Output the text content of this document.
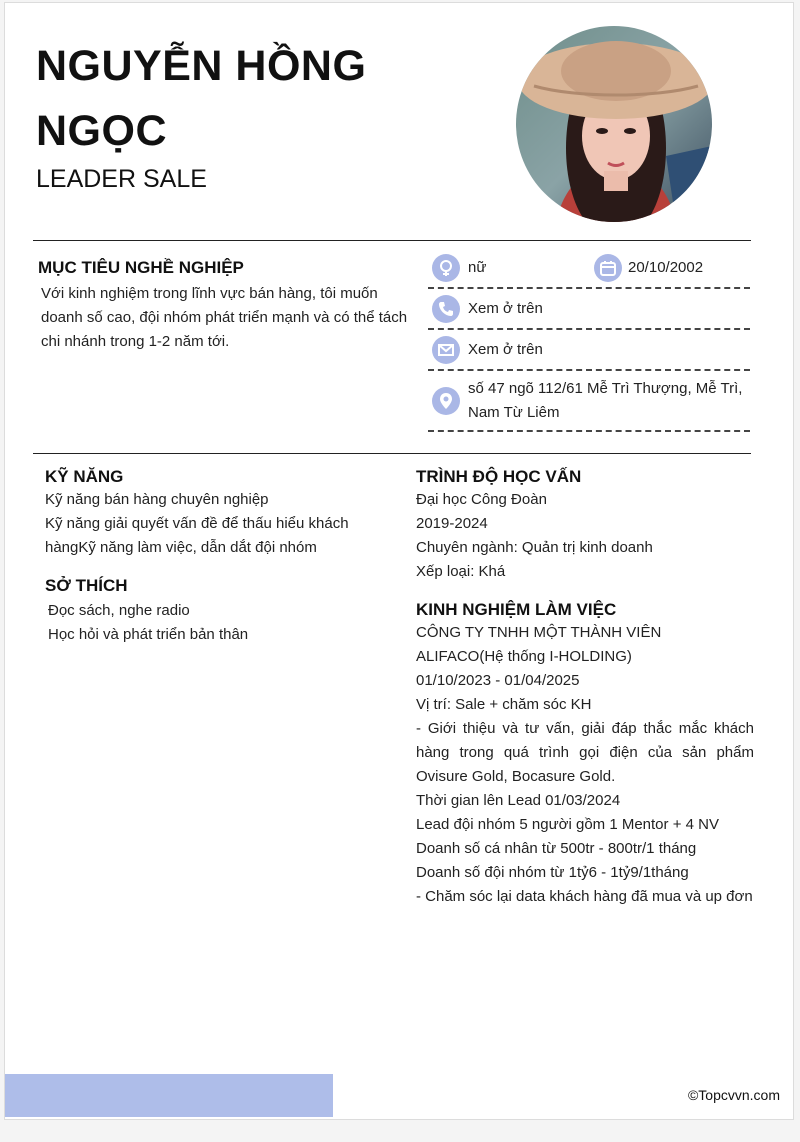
NGUYỄN HỒNG NGỌC
LEADER SALE
MỤC TIÊU NGHỀ NGHIỆP
Với kinh nghiệm trong lĩnh vực bán hàng, tôi muốn doanh số cao, đội nhóm phát triển mạnh và có thể tách chi nhánh trong 1-2 năm tới.
nữ	20/10/2002
Xem ở trên
Xem ở trên
số 47 ngõ 112/61 Mễ Trì Thượng, Mễ Trì, Nam Từ Liêm
KỸ NĂNG
Kỹ năng bán hàng chuyên nghiệp
Kỹ năng giải quyết vấn đề để thấu hiểu khách hàngKỹ năng làm việc, dẫn dắt đội nhóm
SỞ THÍCH
Đọc sách, nghe radio
Học hỏi và phát triển bản thân
TRÌNH ĐỘ HỌC VẤN
Đại học Công Đoàn
2019-2024
Chuyên ngành: Quản trị kinh doanh
Xếp loại: Khá
KINH NGHIỆM LÀM VIỆC
CÔNG TY TNHH MỘT THÀNH VIÊN ALIFACO(Hệ thống I-HOLDING)
01/10/2023 - 01/04/2025
Vị trí: Sale + chăm sóc KH
- Giới thiệu và tư vấn, giải đáp thắc mắc khách hàng trong quá trình gọi điện của sản phẩm Ovisure Gold, Bocasure Gold.
Thời gian lên Lead 01/03/2024
Lead đội nhóm 5 người gồm 1 Mentor + 4 NV
Doanh số cá nhân từ 500tr - 800tr/1 tháng
Doanh số đội nhóm từ 1tỷ6 - 1tỷ9/1tháng
- Chăm sóc lại data khách hàng đã mua và up đơn
©Topcvvn.com
